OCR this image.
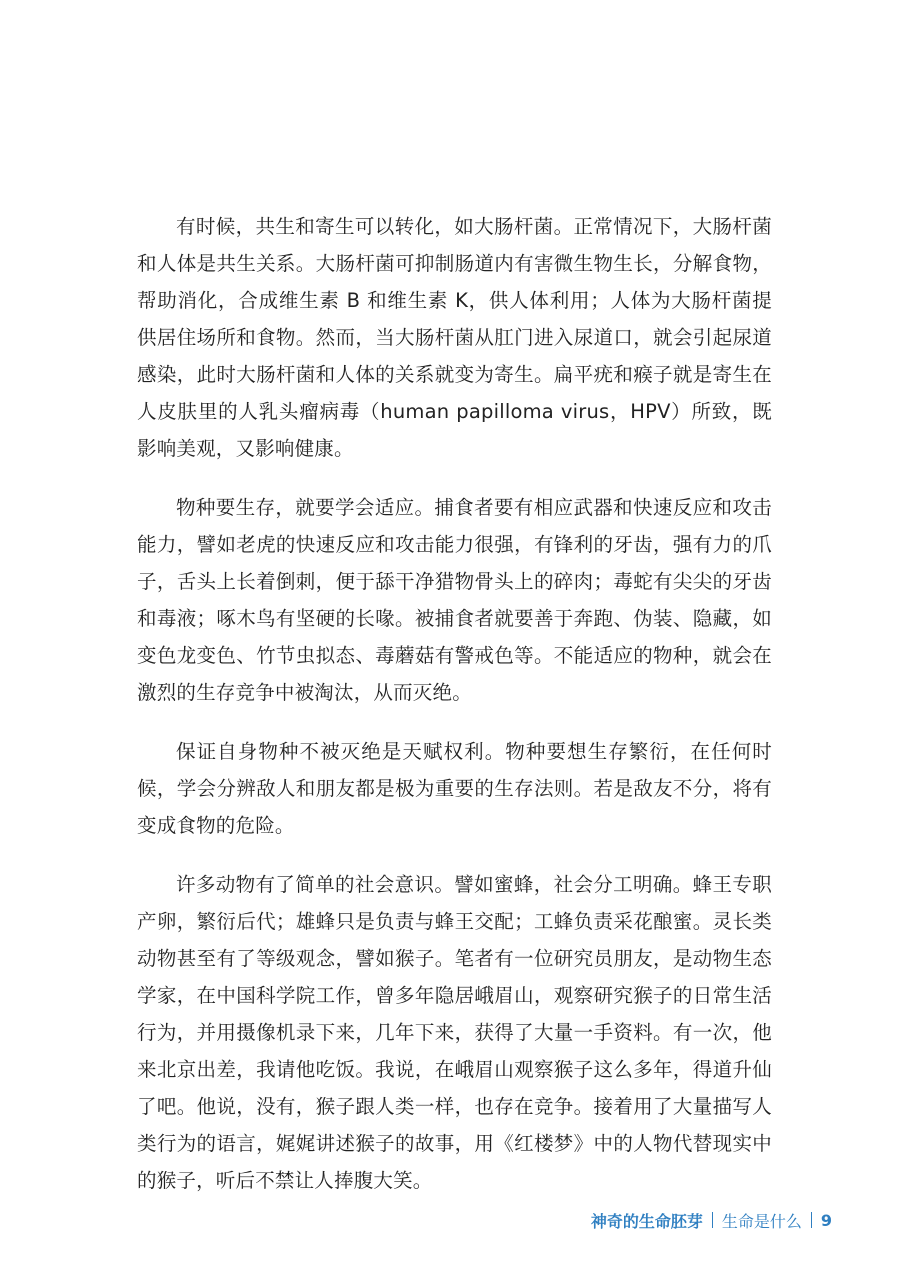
有时候，共生和寄生可以转化，如大肠杆菌。正常情况下，大肠杆菌和人体是共生关系。大肠杆菌可抑制肠道内有害微生物生长，分解食物，帮助消化，合成维生素 B 和维生素 K，供人体利用；人体为大肠杆菌提供居住场所和食物。然而，当大肠杆菌从肛门进入尿道口，就会引起尿道感染，此时大肠杆菌和人体的关系就变为寄生。扁平疣和瘊子就是寄生在人皮肤里的人乳头瘤病毒（human papilloma virus，HPV）所致，既影响美观，又影响健康。

物种要生存，就要学会适应。捕食者要有相应武器和快速反应和攻击能力，譬如老虎的快速反应和攻击能力很强，有锋利的牙齿，强有力的爪子，舌头上长着倒刺，便于舔干净猎物骨头上的碎肉；毒蛇有尖尖的牙齿和毒液；啄木鸟有坚硬的长喙。被捕食者就要善于奔跑、伪装、隐藏，如变色龙变色、竹节虫拟态、毒蘑菇有警戒色等。不能适应的物种，就会在激烈的生存竞争中被淘汰，从而灭绝。

保证自身物种不被灭绝是天赋权利。物种要想生存繁衍，在任何时候，学会分辨敌人和朋友都是极为重要的生存法则。若是敌友不分，将有变成食物的危险。

许多动物有了简单的社会意识。譬如蜜蜂，社会分工明确。蜂王专职产卵，繁衍后代；雄蜂只是负责与蜂王交配；工蜂负责采花酿蜜。灵长类动物甚至有了等级观念，譬如猴子。笔者有一位研究员朋友，是动物生态学家，在中国科学院工作，曾多年隐居峨眉山，观察研究猴子的日常生活行为，并用摄像机录下来，几年下来，获得了大量一手资料。有一次，他来北京出差，我请他吃饭。我说，在峨眉山观察猴子这么多年，得道升仙了吧。他说，没有，猴子跟人类一样，也存在竞争。接着用了大量描写人类行为的语言，娓娓讲述猴子的故事，用《红楼梦》中的人物代替现实中的猴子，听后不禁让人捧腹大笑。

神奇的生命胚芽 生命是什么 9
